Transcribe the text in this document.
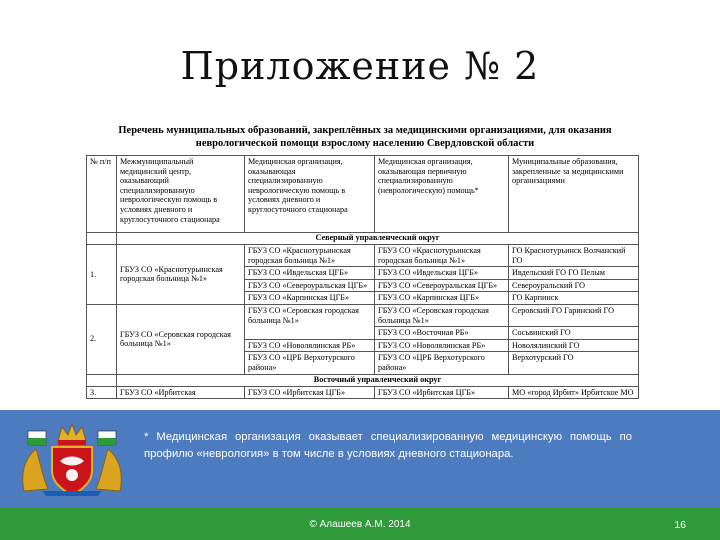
Приложение № 2
Перечень муниципальных образований, закреплённых за медицинскими организациями, для оказания
неврологической помощи взрослому населению Свердловской области
№ п/п	Межмуниципальный медицинский центр, оказывающий специализированную неврологическую помощь в условиях дневного и круглосуточного стационара	Медицинская организация, оказывающая специализированную неврологическую помощь в условиях дневного и круглосуточного стационара	Медицинская организация, оказывающая первичную специализированную (неврологическую) помощь*	Муниципальные образования, закрепленные за медицинскими организациями
	Северный управленческий округ			
1.	ГБУЗ СО «Краснотурьинская городская больница №1»	ГБУЗ СО «Краснотурьинская городская больница №1»	ГБУЗ СО «Краснотурьинская городская больница №1»	ГО Краснотурьинск Волчанский ГО
		ГБУЗ СО «Ивдельская ЦГБ»	ГБУЗ СО «Ивдельская ЦГБ»	Ивдельский ГО ГО Пелым
		ГБУЗ СО «Североуральская ЦГБ»	ГБУЗ СО «Североуральская ЦГБ»	Североуральский ГО
		ГБУЗ СО «Карпинская ЦГБ»	ГБУЗ СО «Карпинская ЦГБ»	ГО Карпинск
2.	ГБУЗ СО «Серовская городская больница №1»	ГБУЗ СО «Серовская городская больница №1»	ГБУЗ СО «Серовская городская больница №1»	Серовский ГО Гаринский ГО
			ГБУЗ СО «Восточная РБ»	Сосьвинский ГО
		ГБУЗ СО «Новолялинская РБ»	ГБУЗ СО «Новолялинская РБ»	Новолялинский ГО
		ГБУЗ СО «ЦРБ Верхотурского района»	ГБУЗ СО «ЦРБ Верхотурского района»	Верхотурский ГО
	Восточный управленческий округ			
3.	ГБУЗ СО «Ирбитская	ГБУЗ СО «Ирбитская ЦГБ»	ГБУЗ СО «Ирбитская ЦГБ»	МО «город Ирбит» Ирбитское МО
* Медицинская организация оказывает специализированную медицинскую помощь по профилю «неврология» в том числе в условиях дневного стационара.
© Алашеев А.М. 2014	16
